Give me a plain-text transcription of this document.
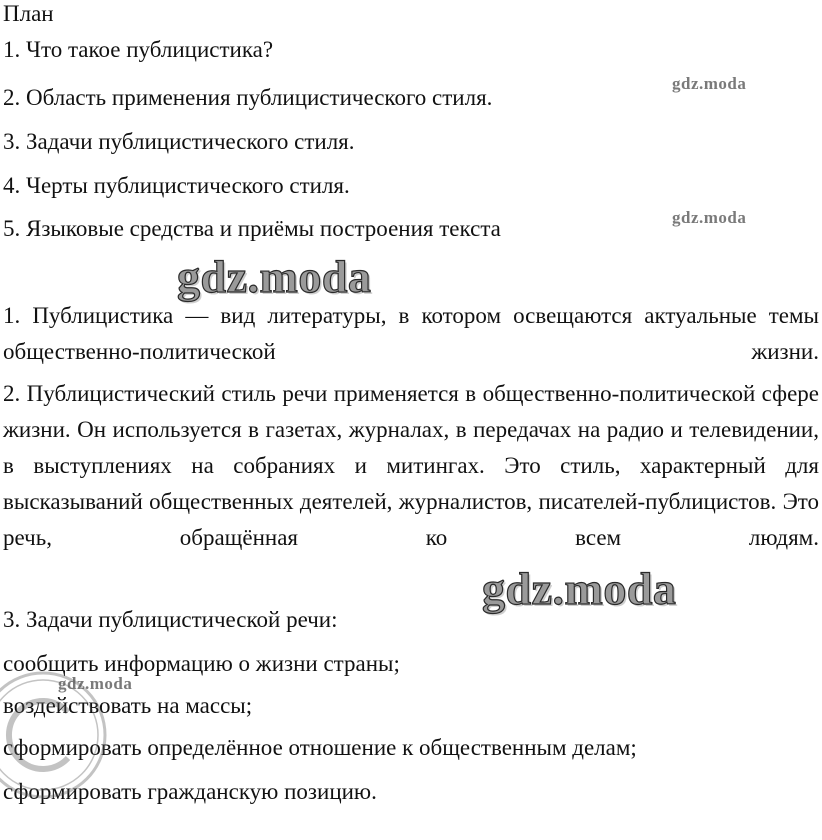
План
1. Что такое публицистика?
2. Область применения публицистического стиля.
3. Задачи публицистического стиля.
4. Черты публицистического стиля.
5. Языковые средства и приёмы построения текста
1. Публицистика — вид литературы, в котором освещаются актуальные темы общественно-политической жизни.
2. Публицистический стиль речи применяется в общественно-политической сфере жизни. Он используется в газетах, журналах, в передачах на радио и телевидении, в выступлениях на собраниях и митингах. Это стиль, характерный для высказываний общественных деятелей, журналистов, писателей-публицистов. Это речь, обращённая ко всем людям.
3. Задачи публицистической речи:
сообщить информацию о жизни страны;
воздействовать на массы;
сформировать определённое отношение к общественным делам;
сформировать гражданскую позицию.
gdz.moda
gdz.moda
gdz.moda
gdz.moda
gdz.moda
